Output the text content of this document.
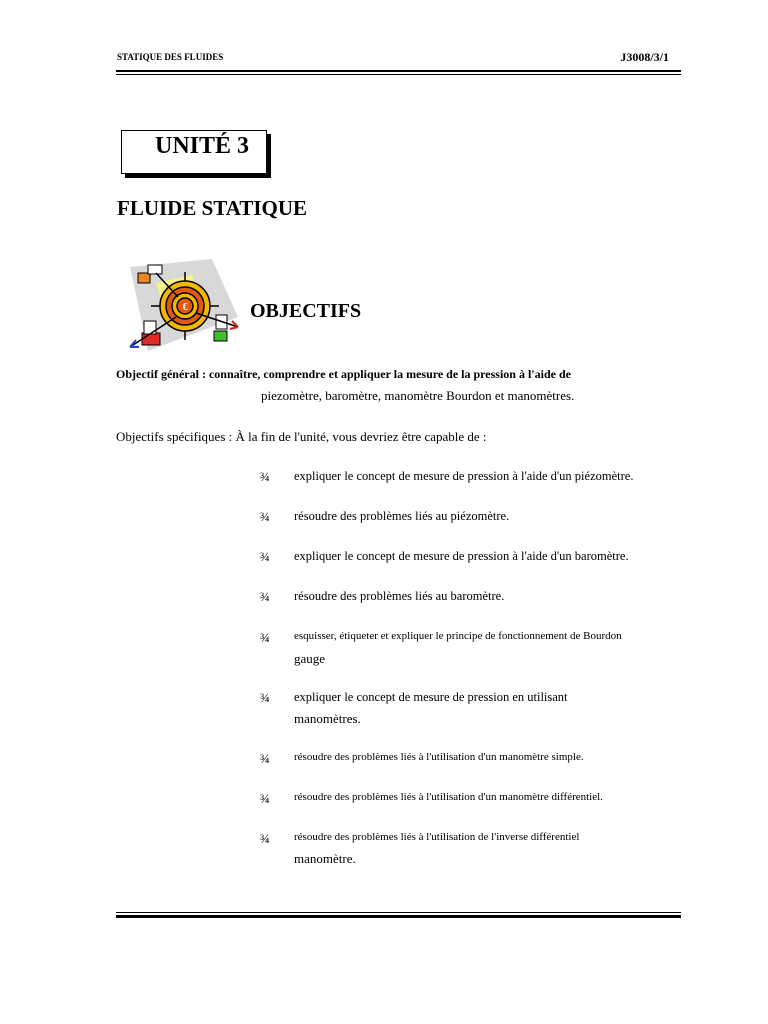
STATIQUE DES FLUIDES	J3008/3/1
UNITÉ 3
FLUIDE STATIQUE
€	OBJECTIFS
Objectif général : connaître, comprendre et appliquer la mesure de la pression à l'aide de
piezomètre, baromètre, manomètre Bourdon et manomètres.
Objectifs spécifiques : À la fin de l'unité, vous devriez être capable de :
¾ expliquer le concept de mesure de pression à l'aide d'un piézomètre.
¾ résoudre des problèmes liés au piézomètre.
¾ expliquer le concept de mesure de pression à l'aide d'un baromètre.
¾ résoudre des problèmes liés au baromètre.
¾ esquisser, étiqueter et expliquer le principe de fonctionnement de Bourdon
gauge
¾ expliquer le concept de mesure de pression en utilisant
manomètres.
¾ résoudre des problèmes liés à l'utilisation d'un manomètre simple.
¾ résoudre des problèmes liés à l'utilisation d'un manomètre différentiel.
¾ résoudre des problèmes liés à l'utilisation de l'inverse différentiel
manomètre.
